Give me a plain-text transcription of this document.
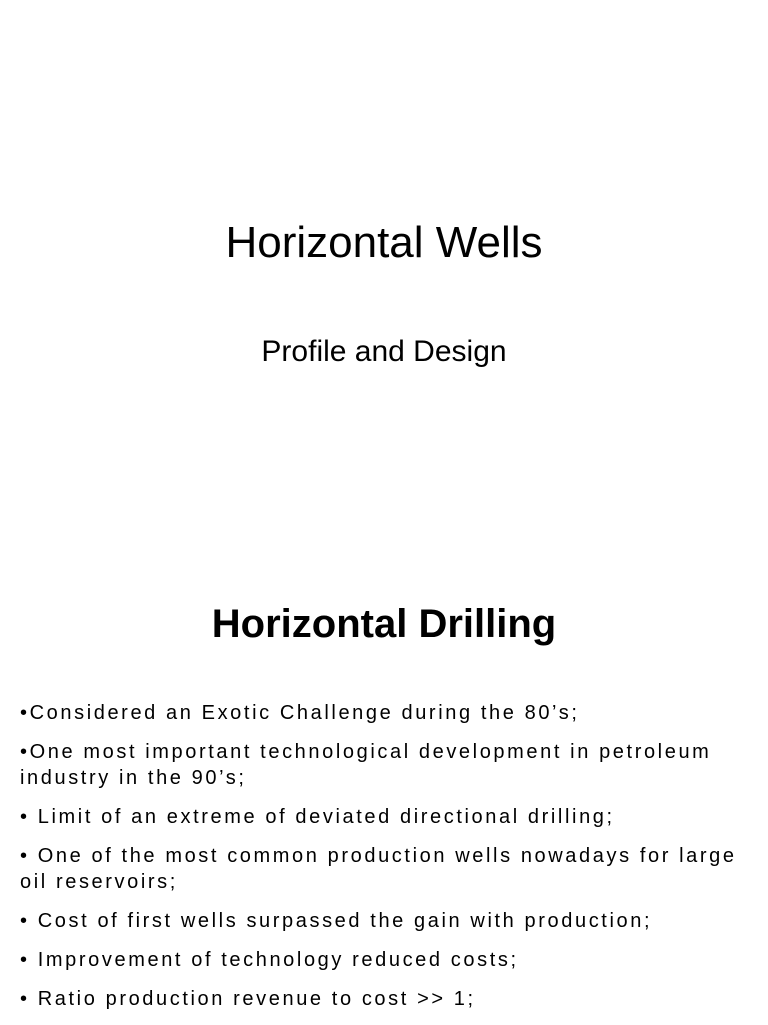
Horizontal Wells
Profile and Design
Horizontal Drilling
•Considered an Exotic Challenge during the 80’s;
•One most important technological development in petroleum industry in the 90’s;
• Limit of an extreme of deviated directional drilling;
• One of the most common production wells nowadays for large oil reservoirs;
• Cost of first wells surpassed the gain with production;
• Improvement of technology reduced costs;
• Ratio production revenue to cost >> 1;
